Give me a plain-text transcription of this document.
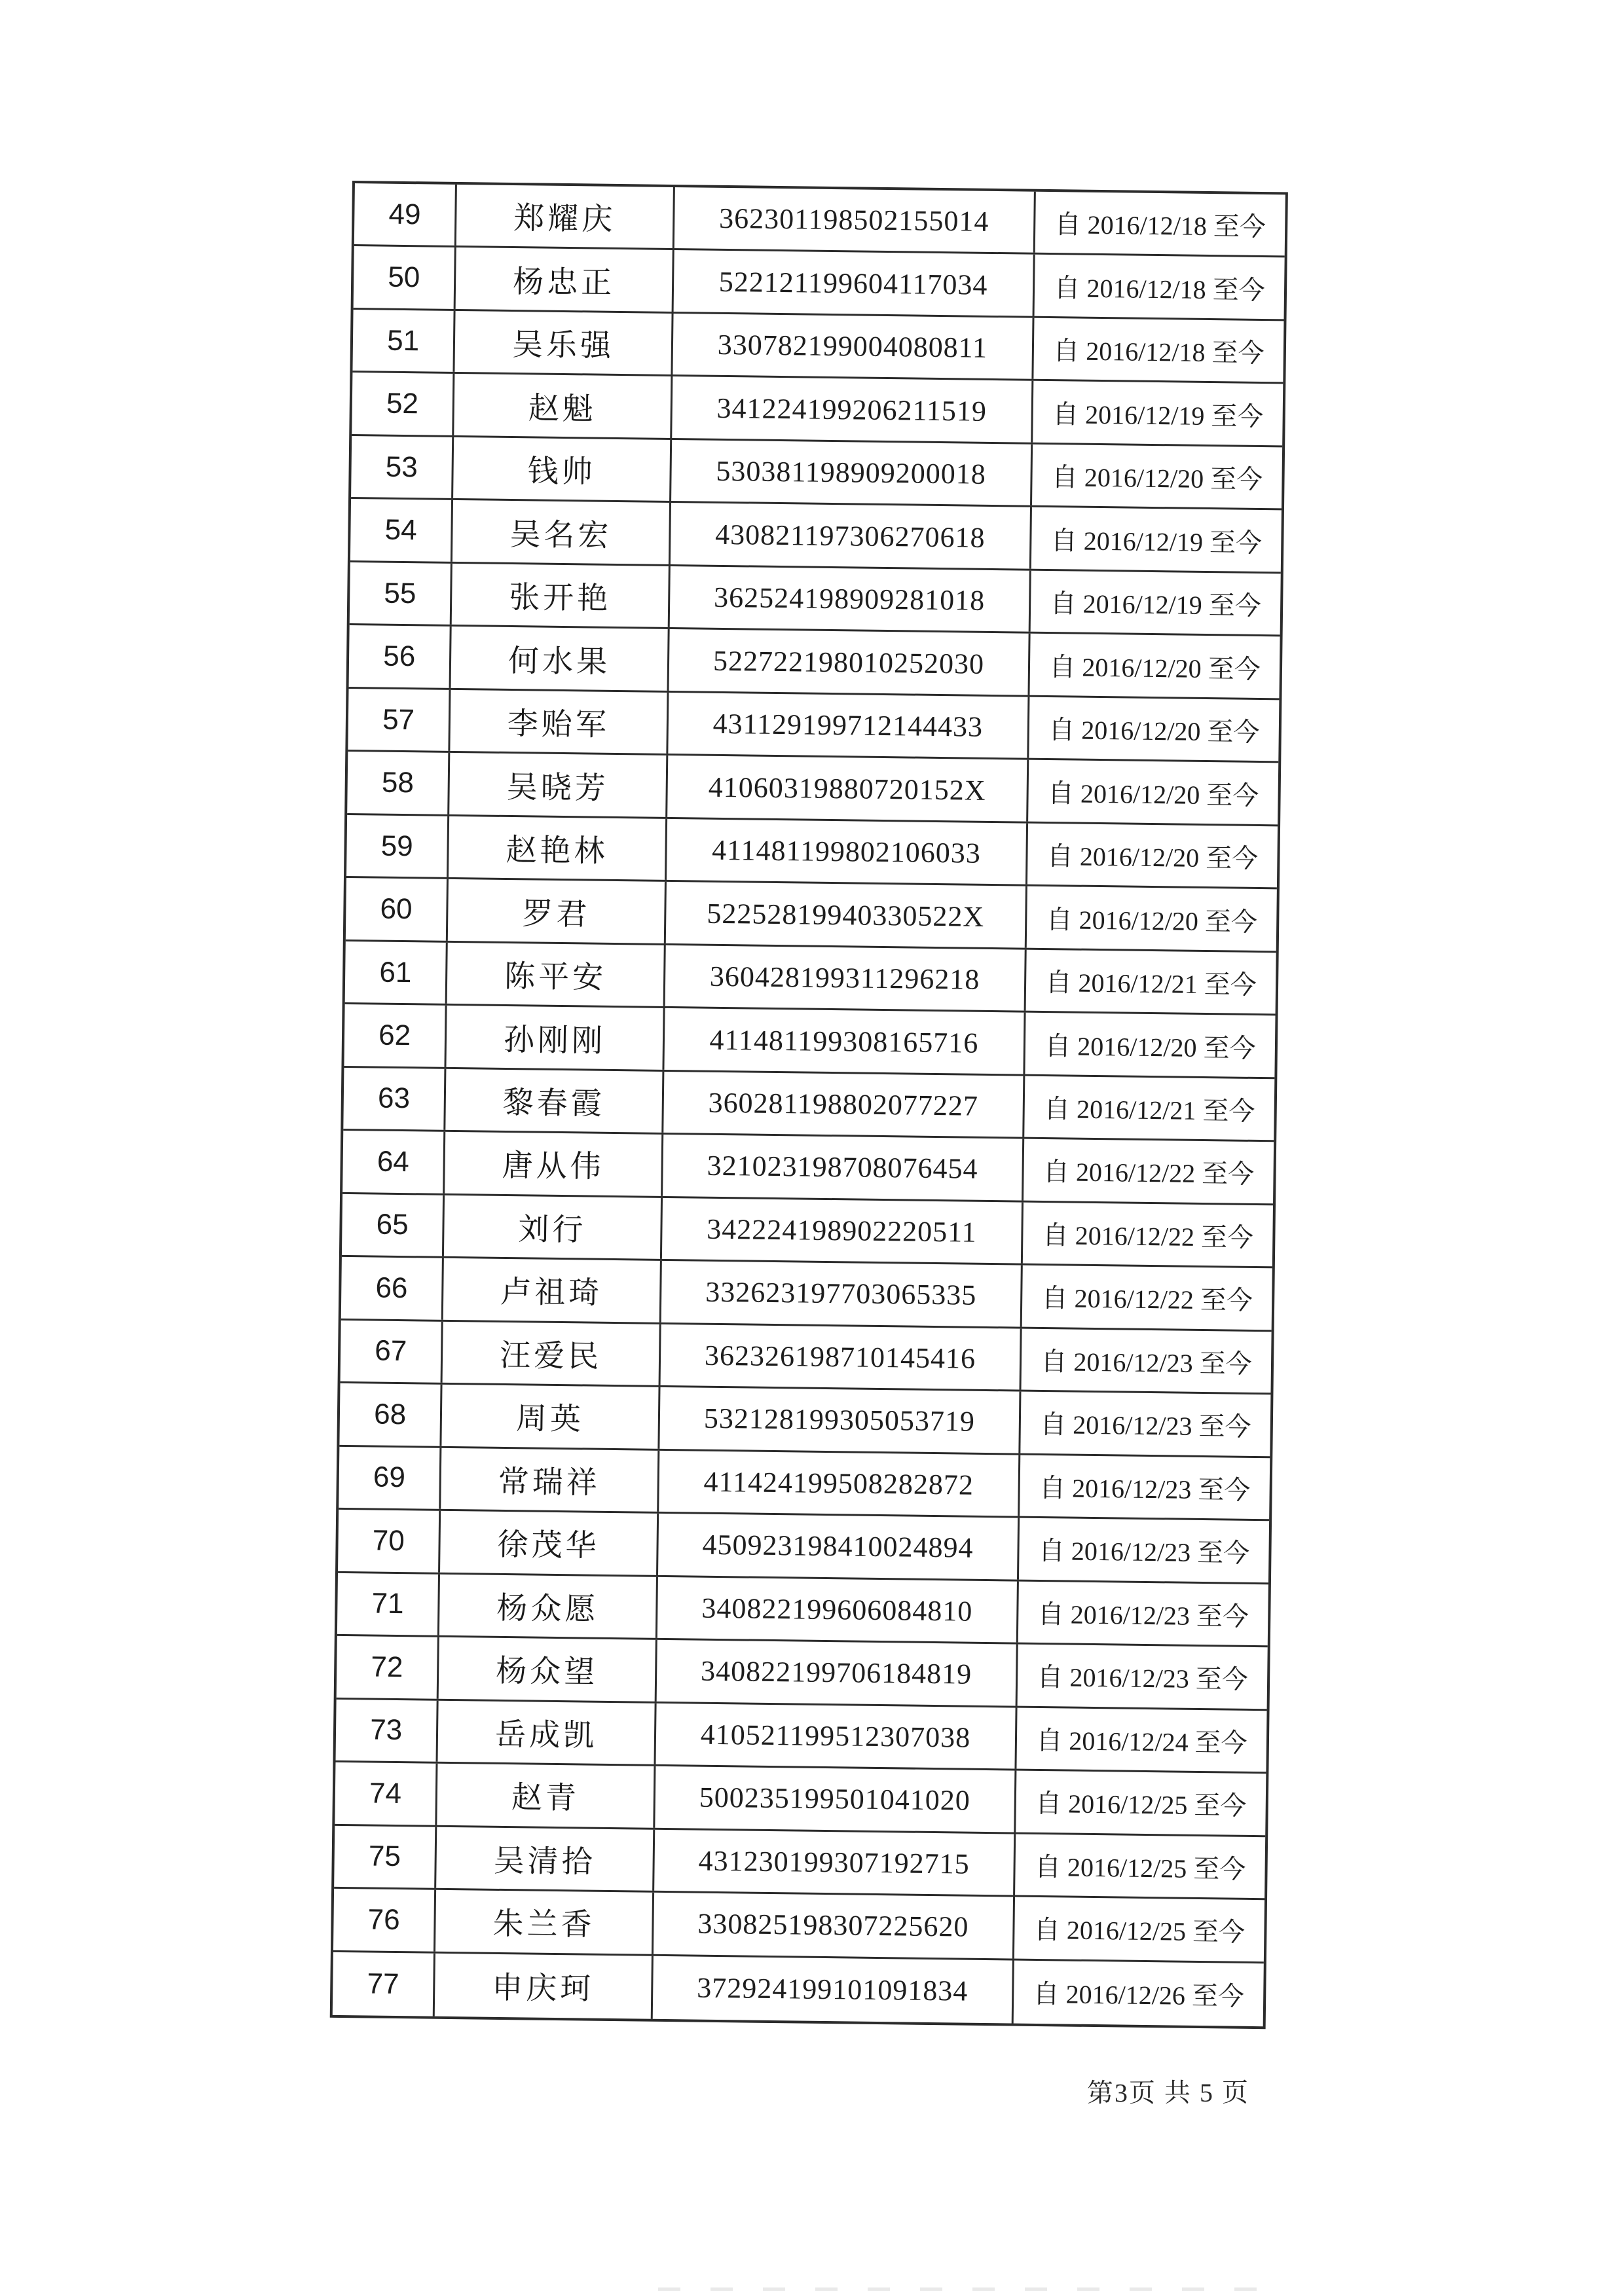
49	郑耀庆	362301198502155014	自 2016/12/18 至今
50	杨忠正	522121199604117034	自 2016/12/18 至今
51	吴乐强	330782199004080811	自 2016/12/18 至今
52	赵魁	341224199206211519	自 2016/12/19 至今
53	钱帅	530381198909200018	自 2016/12/20 至今
54	吴名宏	430821197306270618	自 2016/12/19 至今
55	张开艳	362524198909281018	自 2016/12/19 至今
56	何水果	522722198010252030	自 2016/12/20 至今
57	李贻军	431129199712144433	自 2016/12/20 至今
58	吴晓芳	41060319880720152X	自 2016/12/20 至今
59	赵艳林	411481199802106033	自 2016/12/20 至今
60	罗君	52252819940330522X	自 2016/12/20 至今
61	陈平安	360428199311296218	自 2016/12/21 至今
62	孙刚刚	411481199308165716	自 2016/12/20 至今
63	黎春霞	360281198802077227	自 2016/12/21 至今
64	唐从伟	321023198708076454	自 2016/12/22 至今
65	刘行	342224198902220511	自 2016/12/22 至今
66	卢祖琦	332623197703065335	自 2016/12/22 至今
67	汪爱民	362326198710145416	自 2016/12/23 至今
68	周英	532128199305053719	自 2016/12/23 至今
69	常瑞祥	411424199508282872	自 2016/12/23 至今
70	徐茂华	450923198410024894	自 2016/12/23 至今
71	杨众愿	340822199606084810	自 2016/12/23 至今
72	杨众望	340822199706184819	自 2016/12/23 至今
73	岳成凯	410521199512307038	自 2016/12/24 至今
74	赵青	500235199501041020	自 2016/12/25 至今
75	吴清拾	431230199307192715	自 2016/12/25 至今
76	朱兰香	330825198307225620	自 2016/12/25 至今
77	申庆珂	372924199101091834	自 2016/12/26 至今
第3页 共 5 页
